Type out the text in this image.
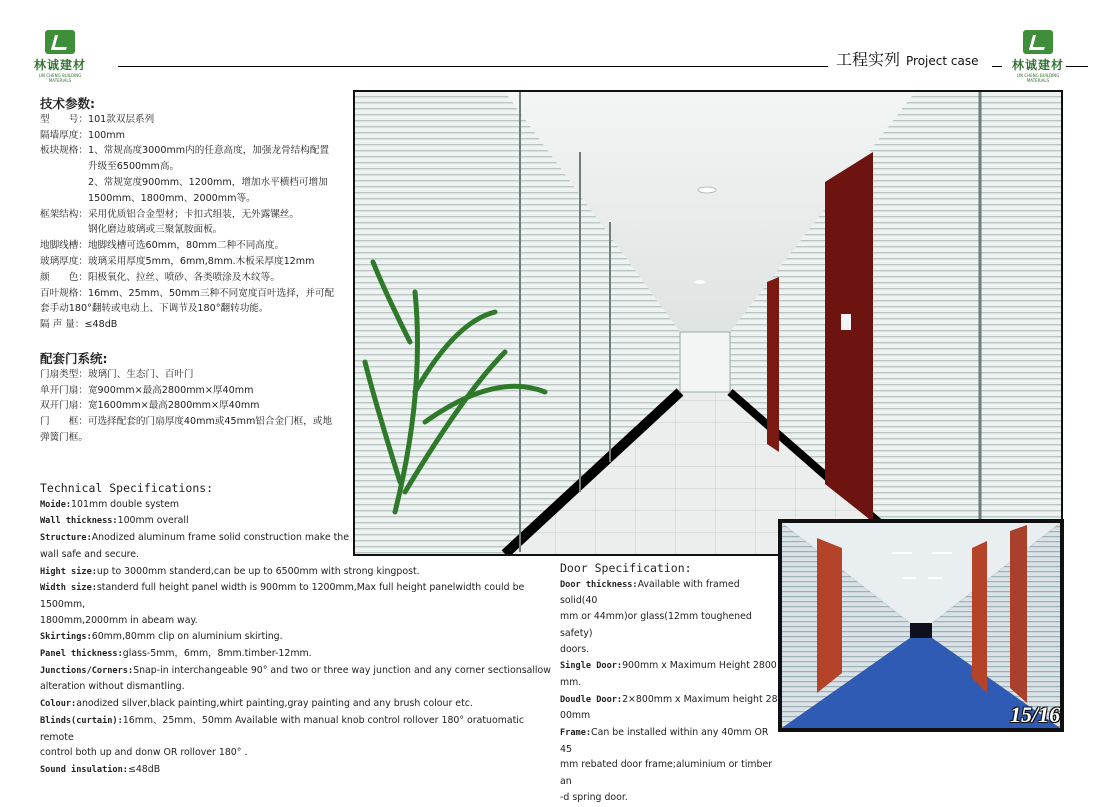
林诚建材
LIN CHENG BUILDING MATERIALS
林诚建材
LIN CHENG BUILDING MATERIALS
工程实列 Project case
技术参数:
型　　号：101款双层系列
隔墙厚度：100mm
板块规格：1、常规高度3000mm内的任意高度，加强龙骨结构配置
　　　　　升级至6500mm高。
　　　　　2、常规宽度900mm、1200mm，增加水平横档可增加
　　　　　1500mm、1800mm、2000mm等。
框架结构：采用优质铝合金型材；卡扣式组装，无外露镙丝。
　　　　　钢化磨边玻璃或三聚氰胺面板。
地脚线槽：地脚线槽可选60mm，80mm二种不同高度。
玻璃厚度：玻璃采用厚度5mm，6mm,8mm.木板采厚度12mm
颜　　色：阳极氧化、拉丝、喷砂、各类喷涂及木纹等。
百叶规格：16mm、25mm、50mm三种不同宽度百叶选择，并可配
套手动180°翻转或电动上、下调节及180°翻转功能。
隔 声 量：≤48dB
配套门系统:
门扇类型：玻璃门、生态门、百叶门
单开门扇：宽900mm×最高2800mm×厚40mm
双开门扇：宽1600mm×最高2800mm×厚40mm
门　　框：可选择配套的门扇厚度40mm或45mm铝合金门框，或地
弹簧门框。
Technical Specifications:
Moide:101mm double system
Wall thickness:100mm overall
Structure:Anodized aluminum frame solid construction make the
wall safe and secure.
Hight size:up to 3000mm standerd,can be up to 6500mm with strong kingpost.
Width size:standerd full height panel width is 900mm to 1200mm,Max full height panelwidth could be 1500mm,
1800mm,2000mm in abeam way.
Skirtings:60mm,80mm clip on aluminium skirting.
Panel thickness:glass-5mm，6mm，8mm.timber-12mm.
Junctions/Corners:Snap-in interchangeable 90° and two or three way junction and any corner sectionsallow
alteration without dismantling.
Colour:anodized silver,black painting,whirt painting,gray painting and any brush colour etc.
Blinds(curtain):16mm、25mm、50mm Available with manual knob control rollover 180° oratuomatic remote
control both up and donw OR rollover 180° .
Sound insulation:≤48dB
Door Specification:
Door thickness:Available with framed solid(40
mm or 44mm)or glass(12mm toughened safety)
doors.
Single Door:900mm x Maximum Height 2800
mm.
Doudle Door:2×800mm x Maximum height 28
00mm
Frame:Can be installed within any 40mm OR 45
mm rebated door frame;aluminium or timber an
-d spring door.
15/16
